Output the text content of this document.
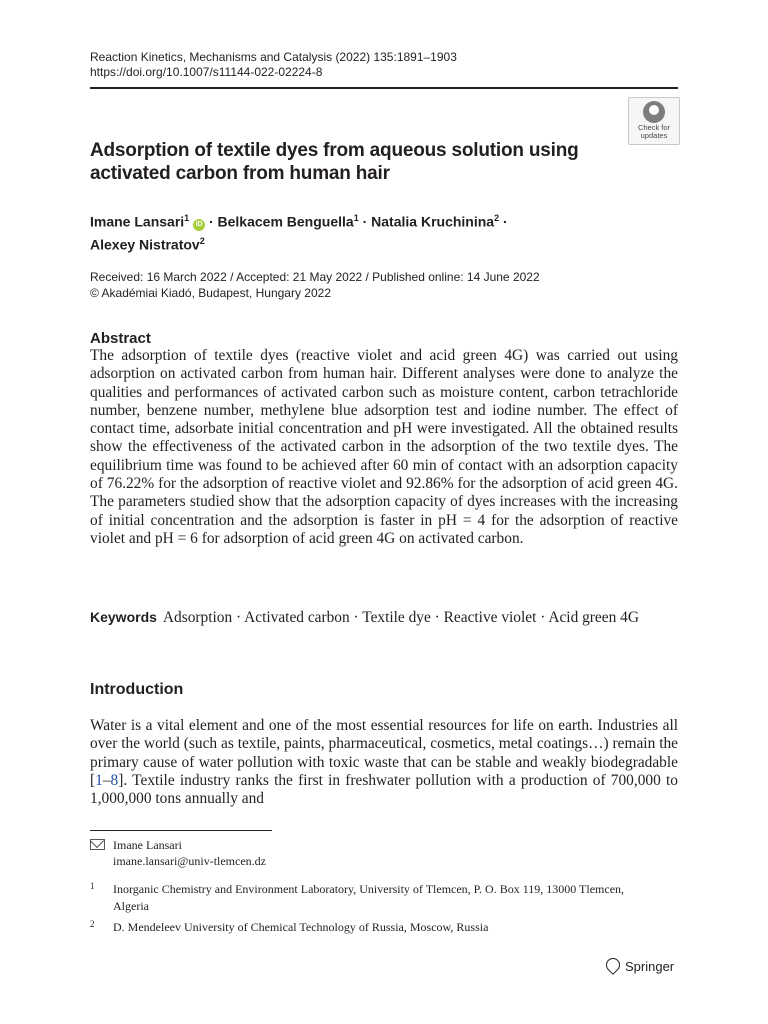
Reaction Kinetics, Mechanisms and Catalysis (2022) 135:1891–1903
https://doi.org/10.1007/s11144-022-02224-8
Check for
updates
Adsorption of textile dyes from aqueous solution using activated carbon from human hair
Imane Lansari$^1$ iD · Belkacem Benguella$^1$ · Natalia Kruchinina$^2$ ·
Alexey Nistratov$^2$
Received: 16 March 2022 / Accepted: 21 May 2022 / Published online: 14 June 2022
© Akadémiai Kiadó, Budapest, Hungary 2022
Abstract
The adsorption of textile dyes (reactive violet and acid green 4G) was carried out using adsorption on activated carbon from human hair. Different analyses were done to analyze the qualities and performances of activated carbon such as moisture content, carbon tetrachloride number, benzene number, methylene blue adsorption test and iodine number. The effect of contact time, adsorbate initial concentration and pH were investigated. All the obtained results show the effectiveness of the activated carbon in the adsorption of the two textile dyes. The equilibrium time was found to be achieved after 60 min of contact with an adsorption capacity of 76.22% for the adsorption of reactive violet and 92.86% for the adsorption of acid green 4G. The parameters studied show that the adsorption capacity of dyes increases with the increasing of initial concentration and the adsorption is faster in pH = 4 for the adsorption of reactive violet and pH = 6 for adsorption of acid green 4G on activated carbon.
Keywords Adsorption · Activated carbon · Textile dye · Reactive violet · Acid green 4G
Introduction
Water is a vital element and one of the most essential resources for life on earth. Industries all over the world (such as textile, paints, pharmaceutical, cosmetics, metal coatings…) remain the primary cause of water pollution with toxic waste that can be stable and weakly biodegradable [1–8]. Textile industry ranks the first in freshwater pollution with a production of 700,000 to 1,000,000 tons annually and
Imane Lansari
imane.lansari@univ-tlemcen.dz
1 Inorganic Chemistry and Environment Laboratory, University of Tlemcen, P. O. Box 119, 13000 Tlemcen, Algeria
2 D. Mendeleev University of Chemical Technology of Russia, Moscow, Russia
Springer
